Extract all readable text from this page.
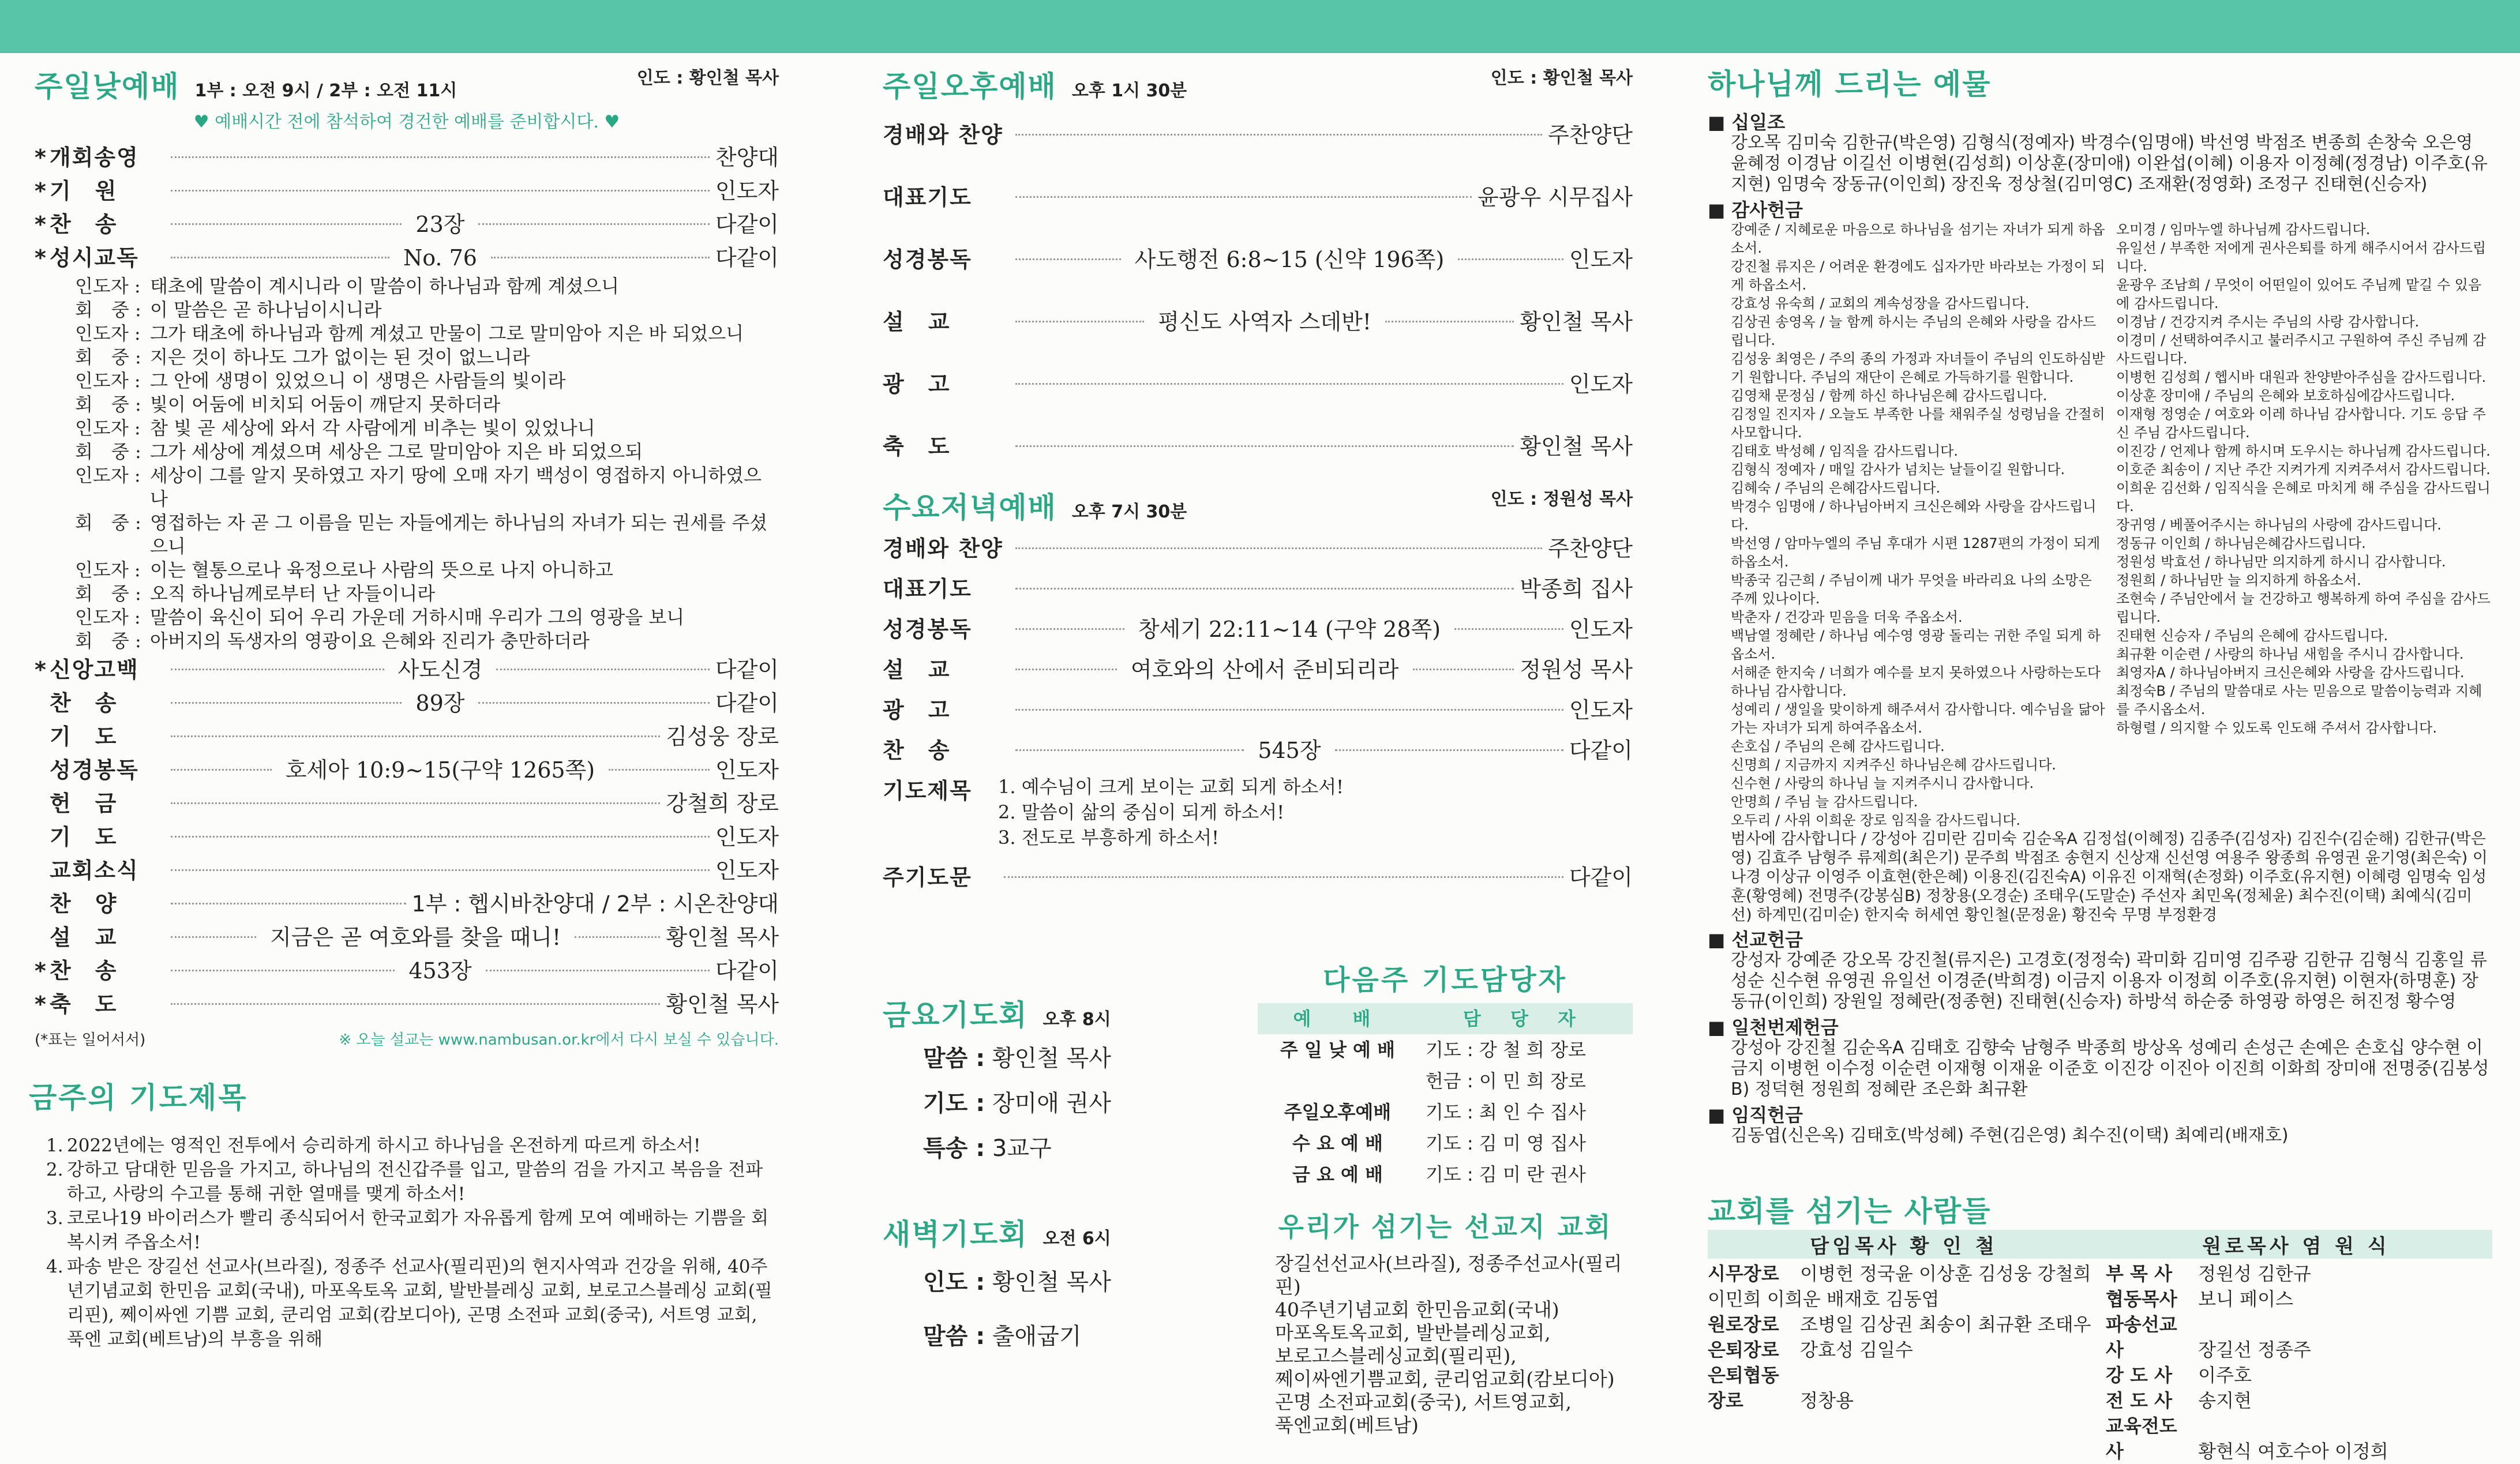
주일낮예배 1부 : 오전 9시 / 2부 : 오전 11시
인도 : 황인철 목사
♥ 예배시간 전에 참석하여 경건한 예배를 준비합시다. ♥
* 개회송영	찬양대
* 기　원	인도자
* 찬　송	23장	다같이
* 성시교독	No. 76	다같이
인도자 : 태초에 말씀이 계시니라 이 말씀이 하나님과 함께 계셨으니
회　중 : 이 말씀은 곧 하나님이시니라
인도자 : 그가 태초에 하나님과 함께 계셨고 만물이 그로 말미암아 지은 바 되었으니
회　중 : 지은 것이 하나도 그가 없이는 된 것이 없느니라
인도자 : 그 안에 생명이 있었으니 이 생명은 사람들의 빛이라
회　중 : 빛이 어둠에 비치되 어둠이 깨닫지 못하더라
인도자 : 참 빛 곧 세상에 와서 각 사람에게 비추는 빛이 있었나니
회　중 : 그가 세상에 계셨으며 세상은 그로 말미암아 지은 바 되었으되
인도자 : 세상이 그를 알지 못하였고 자기 땅에 오매 자기 백성이 영접하지 아니하였으나
회　중 : 영접하는 자 곧 그 이름을 믿는 자들에게는 하나님의 자녀가 되는 권세를 주셨으니
인도자 : 이는 혈통으로나 육정으로나 사람의 뜻으로 나지 아니하고
회　중 : 오직 하나님께로부터 난 자들이니라
인도자 : 말씀이 육신이 되어 우리 가운데 거하시매 우리가 그의 영광을 보니
회　중 : 아버지의 독생자의 영광이요 은혜와 진리가 충만하더라
* 신앙고백	사도신경	다같이
찬　송	89장	다같이
기　도	김성웅 장로
성경봉독	호세아 10:9~15(구약 1265쪽)	인도자
헌　금	강철희 장로
기　도	인도자
교회소식	인도자
찬　양	1부 : 헵시바찬양대 / 2부 : 시온찬양대
설　교	지금은 곧 여호와를 찾을 때니!	황인철 목사
* 찬　송	453장	다같이
* 축　도	황인철 목사
(*표는 일어서서)	※ 오늘 설교는 www.nambusan.or.kr에서 다시 보실 수 있습니다.
금주의 기도제목
1. 2022년에는 영적인 전투에서 승리하게 하시고 하나님을 온전하게 따르게 하소서!
2. 강하고 담대한 믿음을 가지고, 하나님의 전신갑주를 입고, 말씀의 검을 가지고 복음을 전파하고, 사랑의 수고를 통해 귀한 열매를 맺게 하소서!
3. 코로나19 바이러스가 빨리 종식되어서 한국교회가 자유롭게 함께 모여 예배하는 기쁨을 회복시켜 주옵소서!
4. 파송 받은 장길선 선교사(브라질), 정종주 선교사(필리핀)의 현지사역과 건강을 위해, 40주년기념교회 한민음 교회(국내), 마포옥토옥 교회, 발반블레싱 교회, 보로고스블레싱 교회(필리핀), 쩨이싸엔 기쁨 교회, 쿤리엄 교회(캄보디아), 곤명 소전파 교회(중국), 서트영 교회, 푹엔 교회(베트남)의 부흥을 위해
주일오후예배 오후 1시 30분
인도 : 황인철 목사
경배와 찬양	주찬양단
대표기도	윤광우 시무집사
성경봉독	사도행전 6:8~15 (신약 196쪽)	인도자
설　교	평신도 사역자 스데반!	황인철 목사
광　고	인도자
축　도	황인철 목사
수요저녁예배 오후 7시 30분
인도 : 정원성 목사
경배와 찬양	주찬양단
대표기도	박종희 집사
성경봉독	창세기 22:11~14 (구약 28쪽)	인도자
설　교	여호와의 산에서 준비되리라	정원성 목사
광　고	인도자
찬　송	545장	다같이
기도제목	1. 예수님이 크게 보이는 교회 되게 하소서!
2. 말씀이 삶의 중심이 되게 하소서!
3. 전도로 부흥하게 하소서!
주기도문	다같이
금요기도회 오후 8시
말씀 : 황인철 목사
기도 : 장미애 권사
특송 : 3교구
새벽기도회 오전 6시
인도 : 황인철 목사
말씀 : 출애굽기
다음주 기도담당자
예　배	담 당 자
주 일 낮 예 배	기도 : 강 철 희 장로
	헌금 : 이 민 희 장로
주일오후예배	기도 : 최 인 수 집사
수 요 예 배	기도 : 김 미 영 집사
금 요 예 배	기도 : 김 미 란 권사
우리가 섬기는 선교지 교회
장길선선교사(브라질), 정종주선교사(필리핀)
40주년기념교회 한민음교회(국내)
마포옥토옥교회, 발반블레싱교회,
보로고스블레싱교회(필리핀),
쩨이싸엔기쁨교회, 쿤리엄교회(캄보디아)
곤명 소전파교회(중국), 서트영교회,
푹엔교회(베트남)
하나님께 드리는 예물
■ 십일조
강오목 김미숙 김한규(박은영) 김형식(정예자) 박경수(임명애) 박선영 박점조 변종희 손창숙 오은영 윤혜정 이경남 이길선 이병현(김성희) 이상훈(장미애) 이완섭(이혜) 이용자 이정혜(정경남) 이주호(유지현) 임명숙 장동규(이인희) 장진욱 정상철(김미영C) 조재환(정영화) 조정구 진태현(신승자)
■ 감사헌금
강예준 / 지혜로운 마음으로 하나님을 섬기는 자녀가 되게 하옵소서.
강진철 류지은 / 어려운 환경에도 십자가만 바라보는 가정이 되게 하옵소서.
강효성 유숙희 / 교회의 계속성장을 감사드립니다.
김상권 송영옥 / 늘 함께 하시는 주님의 은혜와 사랑을 감사드립니다.
김성웅 최영은 / 주의 종의 가정과 자녀들이 주님의 인도하심받기 원합니다. 주님의 재단이 은혜로 가득하기를 원합니다.
김영채 문정심 / 함께 하신 하나님은혜 감사드립니다.
김정일 진지자 / 오늘도 부족한 나를 채워주실 성령님을 간절히 사모합니다.
김태호 박성혜 / 임직을 감사드립니다.
김형식 정예자 / 매일 감사가 넘치는 날들이길 원합니다.
김혜숙 / 주님의 은혜감사드립니다.
박경수 임명애 / 하나님아버지 크신은혜와 사랑을 감사드립니다.
박선영 / 암마누엘의 주님 후대가 시편 1287편의 가정이 되게 하옵소서.
박종국 김근희 / 주님이께 내가 무엇을 바라리요 나의 소망은 주께 있나이다.
박춘자 / 건강과 믿음을 더욱 주옵소서.
백남열 정혜란 / 하나님 예수영 영광 돌리는 귀한 주일 되게 하옵소서.
서해준 한지숙 / 너희가 예수를 보지 못하였으나 사랑하는도다 하나님 감사합니다.
성예리 / 생일을 맞이하게 해주셔서 감사합니다. 예수님을 닮아가는 자녀가 되게 하여주옵소서.
손호십 / 주님의 은혜 감사드립니다.
신명희 / 지금까지 지켜주신 하나님은혜 감사드립니다.
신수현 / 사랑의 하나님 늘 지켜주시니 감사합니다.
안명희 / 주님 늘 감사드립니다.
오두리 / 사위 이희운 장로 임직을 감사드립니다.
오미경 / 임마누엘 하나님께 감사드립니다.
유일선 / 부족한 저에게 권사은퇴를 하게 해주시어서 감사드립니다.
윤광우 조남희 / 무엇이 어떤일이 있어도 주님께 맡길 수 있음에 감사드립니다.
이경남 / 건강지켜 주시는 주님의 사랑 감사합니다.
이경미 / 선택하여주시고 불러주시고 구원하여 주신 주님께 감사드립니다.
이병헌 김성희 / 헵시바 대원과 찬양받아주심을 감사드립니다.
이상훈 장미애 / 주님의 은혜와 보호하심에감사드립니다.
이재형 정영순 / 여호와 이레 하나님 감사합니다. 기도 응답 주신 주님 감사드립니다.
이진강 / 언제나 함께 하시며 도우시는 하나님께 감사드립니다.
이호준 최송이 / 지난 주간 지켜가게 지켜주셔서 감사드립니다.
이희운 김선화 / 임직식을 은혜로 마치게 해 주심을 감사드립니다.
장귀영 / 베풀어주시는 하나님의 사랑에 감사드립니다.
정동규 이인희 / 하나님은혜감사드립니다.
정원성 박효선 / 하나님만 의지하게 하시니 감사합니다.
정원희 / 하나님만 늘 의지하게 하옵소서.
조현숙 / 주님안에서 늘 건강하고 행복하게 하여 주심을 감사드립니다.
진태현 신승자 / 주님의 은혜에 감사드립니다.
최규환 이순련 / 사랑의 하나님 새힘을 주시니 감사합니다.
최영자A / 하나님아버지 크신은혜와 사랑을 감사드립니다.
최정숙B / 주님의 말씀대로 사는 믿음으로 말씀이능력과 지혜를 주시옵소서.
하형렬 / 의지할 수 있도록 인도해 주셔서 감사합니다.
범사에 감사합니다 / 강성아 김미란 김미숙 김순옥A 김정섭(이혜정) 김종주(김성자) 김진수(김순해) 김한규(박은영) 김효주 남형주 류제희(최은기) 문주희 박점조 송현지 신상재 신선영 여용주 왕종희 유영권 윤기영(최은숙) 이나경 이상규 이영주 이효현(한은혜) 이용진(김진숙A) 이유진 이재혁(손정화) 이주호(유지현) 이혜령 임명숙 임성훈(황영혜) 전명주(강봉심B) 정창용(오경순) 조태우(도말순) 주선자 최민옥(정체윤) 최수진(이택) 최예식(김미선) 하계민(김미순) 한지숙 허세연 황인철(문정윤) 황진숙 무명 부정환경
■ 선교헌금
강성자 강예준 강오목 강진철(류지은) 고경호(정정숙) 곽미화 김미영 김주광 김한규 김형식 김홍일 류성순 신수현 유영권 유일선 이경준(박희경) 이금지 이용자 이정희 이주호(유지현) 이현자(하명훈) 장동규(이인희) 장원일 정혜란(정종현) 진태현(신승자) 하방석 하순중 하영광 하영은 허진정 황수영
■ 일천번제헌금
강성아 강진철 김순옥A 김태호 김향숙 남형주 박종희 방상옥 성예리 손성근 손예은 손호십 양수현 이금지 이병헌 이수정 이순련 이재형 이재윤 이준호 이진강 이진아 이진희 이화희 장미애 전명중(김봉성B) 정덕현 정원희 정혜란 조은화 최규환
■ 임직헌금
김동엽(신은옥) 김태호(박성혜) 주현(김은영) 최수진(이택) 최예리(배재호)
교회를 섬기는 사람들
담임목사 황 인 철	원로목사 염 원 식
시무장로 이병헌 정국윤 이상훈 김성웅 강철희 이민희 이희운 배재호 김동엽
원로장로 조병일 김상권 최송이 최규환 조태우
은퇴장로 강효성 김일수
은퇴협동장로	정창용
부 목 사 정원성 김한규
협동목사 보니 페이스
파송선교사	장길선 정종주
강 도 사 이주호
전 도 사 송지현
교육전도사	황현식 여호수아 이정희
